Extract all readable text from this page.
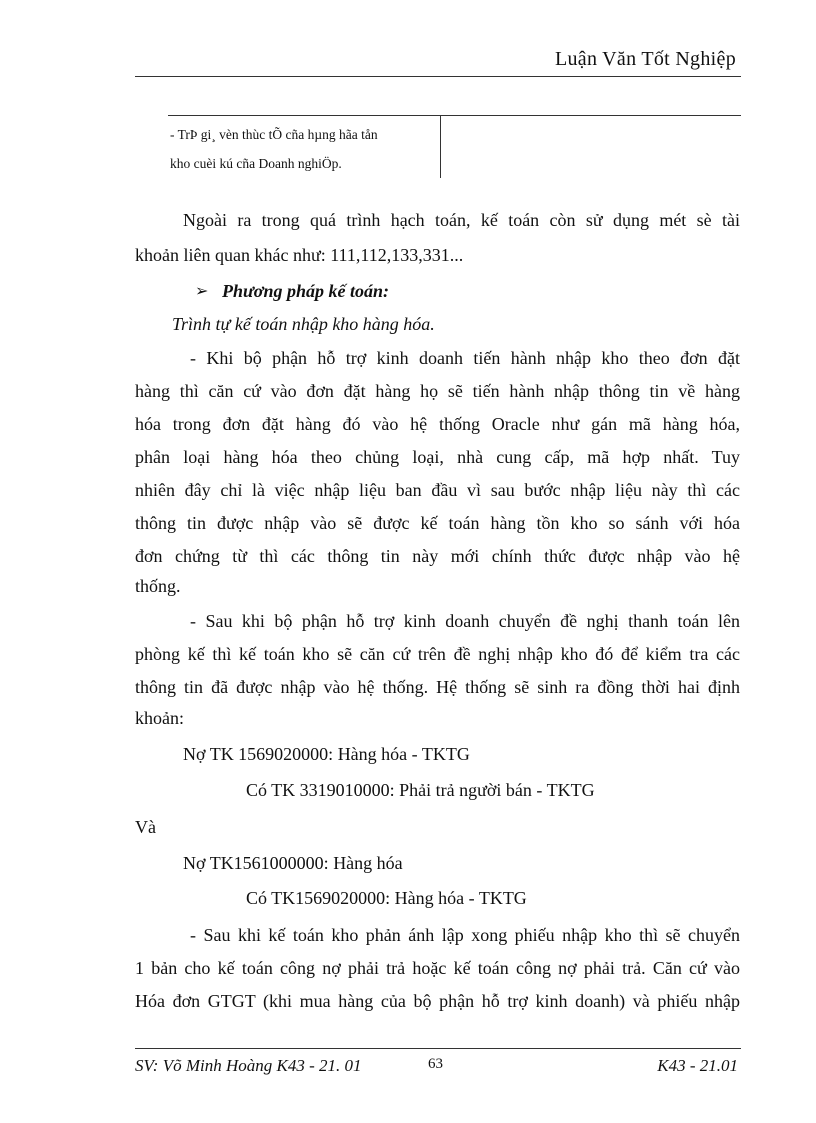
Luận Văn Tốt Nghiệp
- TrÞ gi¸ vèn thùc tÕ cña hµng hãa tån
kho cuèi kú cña Doanh nghiÖp.
Ngoài ra trong quá trình hạch toán, kế toán còn sử dụng mét sè tài
khoản liên quan khác như: 111,112,133,331...
➢ Phương pháp kế toán:
Trình tự kế toán nhập kho hàng hóa.
- Khi bộ phận hỗ trợ kinh doanh tiến hành nhập kho theo đơn đặt
hàng thì căn cứ vào đơn đặt hàng họ sẽ tiến hành nhập thông tin về hàng
hóa trong đơn đặt hàng đó vào hệ thống Oracle như gán mã hàng hóa,
phân loại hàng hóa theo chủng loại, nhà cung cấp, mã hợp nhất. Tuy
nhiên đây chỉ là việc nhập liệu ban đầu vì sau bước nhập liệu này thì các
thông tin được nhập vào sẽ được kế toán hàng tồn kho so sánh với hóa
đơn chứng từ thì các thông tin này mới chính thức được nhập vào hệ
thống.
- Sau khi bộ phận hỗ trợ kinh doanh chuyển đề nghị thanh toán lên
phòng kế thì kế toán kho sẽ căn cứ trên đề nghị nhập kho đó để kiểm tra các
thông tin đã được nhập vào hệ thống. Hệ thống sẽ sinh ra đồng thời hai định
khoản:
Nợ TK 1569020000: Hàng hóa - TKTG
Có TK 3319010000: Phải trả người bán - TKTG
Và
Nợ TK1561000000: Hàng hóa
Có TK1569020000: Hàng hóa - TKTG
- Sau khi kế toán kho phản ánh lập xong phiếu nhập kho thì sẽ chuyển
1 bản cho kế toán công nợ phải trả hoặc kế toán công nợ phải trả. Căn cứ vào
Hóa đơn GTGT (khi mua hàng của bộ phận hỗ trợ kinh doanh) và phiếu nhập
SV: Võ Minh Hoàng K43 - 21. 01	63	K43 - 21.01
